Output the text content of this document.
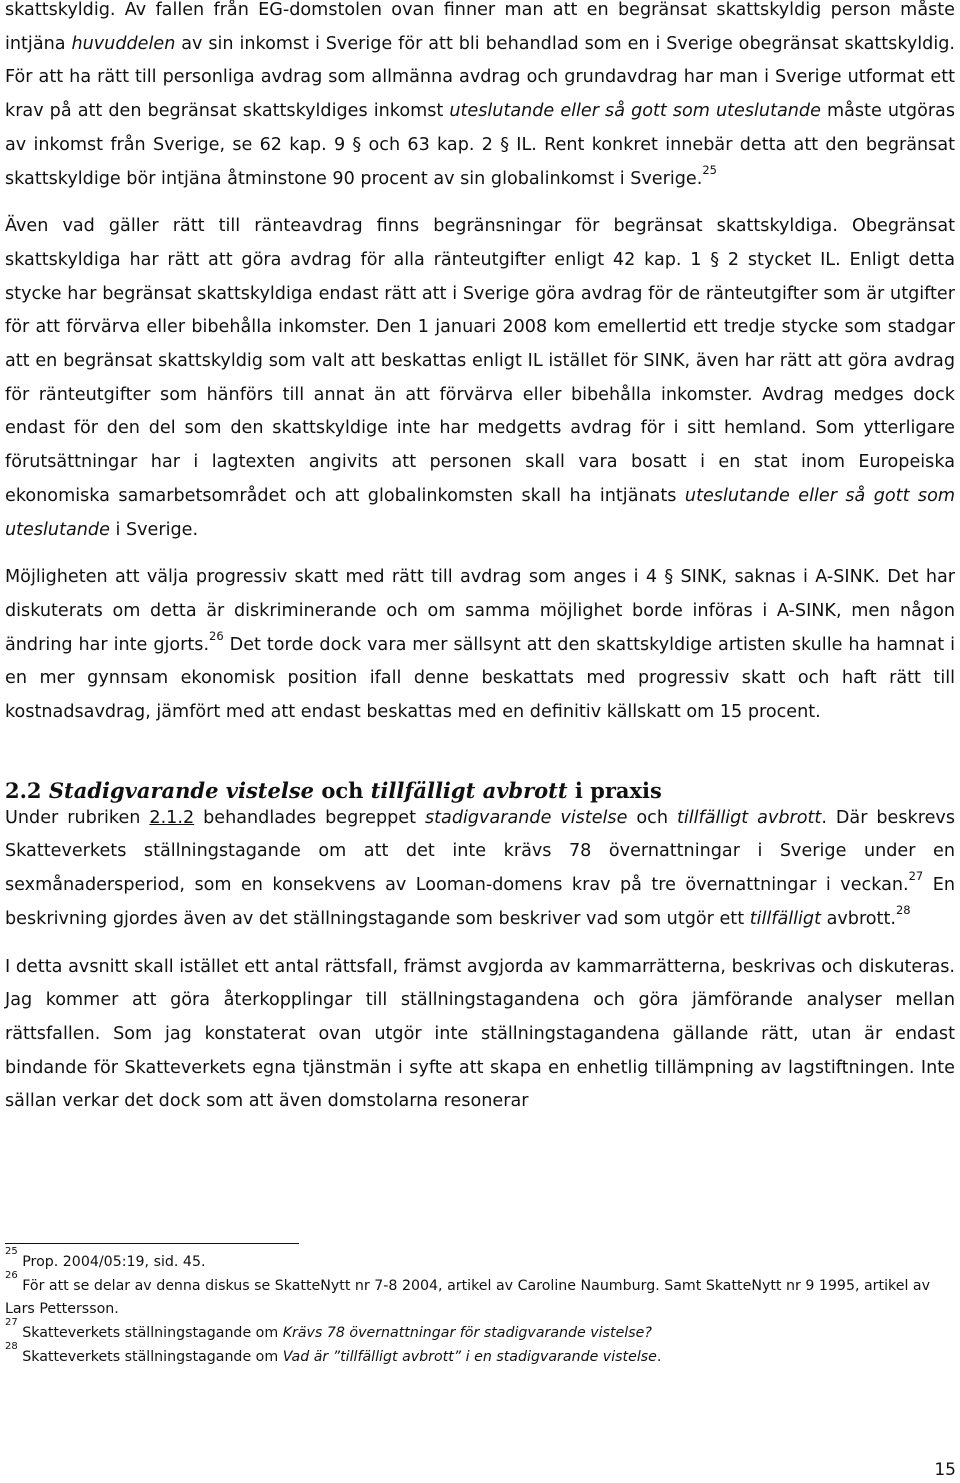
skattskyldig. Av fallen från EG-domstolen ovan finner man att en begränsat skattskyldig person måste intjäna huvuddelen av sin inkomst i Sverige för att bli behandlad som en i Sverige obegränsat skattskyldig. För att ha rätt till personliga avdrag som allmänna avdrag och grundavdrag har man i Sverige utformat ett krav på att den begränsat skattskyldiges inkomst uteslutande eller så gott som uteslutande måste utgöras av inkomst från Sverige, se 62 kap. 9 § och 63 kap. 2 § IL. Rent konkret innebär detta att den begränsat skattskyldige bör intjäna åtminstone 90 procent av sin globalinkomst i Sverige.$^{25}$

Även vad gäller rätt till ränteavdrag finns begränsningar för begränsat skattskyldiga. Obegränsat skattskyldiga har rätt att göra avdrag för alla ränteutgifter enligt 42 kap. 1 § 2 stycket IL. Enligt detta stycke har begränsat skattskyldiga endast rätt att i Sverige göra avdrag för de ränteutgifter som är utgifter för att förvärva eller bibehålla inkomster. Den 1 januari 2008 kom emellertid ett tredje stycke som stadgar att en begränsat skattskyldig som valt att beskattas enligt IL istället för SINK, även har rätt att göra avdrag för ränteutgifter som hänförs till annat än att förvärva eller bibehålla inkomster. Avdrag medges dock endast för den del som den skattskyldige inte har medgetts avdrag för i sitt hemland. Som ytterligare förutsättningar har i lagtexten angivits att personen skall vara bosatt i en stat inom Europeiska ekonomiska samarbetsområdet och att globalinkomsten skall ha intjänats uteslutande eller så gott som uteslutande i Sverige.

Möjligheten att välja progressiv skatt med rätt till avdrag som anges i 4 § SINK, saknas i A-SINK. Det har diskuterats om detta är diskriminerande och om samma möjlighet borde införas i A-SINK, men någon ändring har inte gjorts.$^{26}$ Det torde dock vara mer sällsynt att den skattskyldige artisten skulle ha hamnat i en mer gynnsam ekonomisk position ifall denne beskattats med progressiv skatt och haft rätt till kostnadsavdrag, jämfört med att endast beskattas med en definitiv källskatt om 15 procent.

2.2 Stadigvarande vistelse och tillfälligt avbrott i praxis

Under rubriken 2.1.2 behandlades begreppet stadigvarande vistelse och tillfälligt avbrott. Där beskrevs Skatteverkets ställningstagande om att det inte krävs 78 övernattningar i Sverige under en sexmånadersperiod, som en konsekvens av Looman-domens krav på tre övernattningar i veckan.$^{27}$ En beskrivning gjordes även av det ställningstagande som beskriver vad som utgör ett tillfälligt avbrott.$^{28}$

I detta avsnitt skall istället ett antal rättsfall, främst avgjorda av kammarrätterna, beskrivas och diskuteras. Jag kommer att göra återkopplingar till ställningstagandena och göra jämförande analyser mellan rättsfallen. Som jag konstaterat ovan utgör inte ställningstagandena gällande rätt, utan är endast bindande för Skatteverkets egna tjänstmän i syfte att skapa en enhetlig tillämpning av lagstiftningen. Inte sällan verkar det dock som att även domstolarna resonerar

$^{25}$ Prop. 2004/05:19, sid. 45.
$^{26}$ För att se delar av denna diskus se SkatteNytt nr 7-8 2004, artikel av Caroline Naumburg. Samt SkatteNytt nr 9 1995, artikel av Lars Pettersson.
$^{27}$ Skatteverkets ställningstagande om Krävs 78 övernattningar för stadigvarande vistelse?
$^{28}$ Skatteverkets ställningstagande om Vad är ”tillfälligt avbrott” i en stadigvarande vistelse.
15
